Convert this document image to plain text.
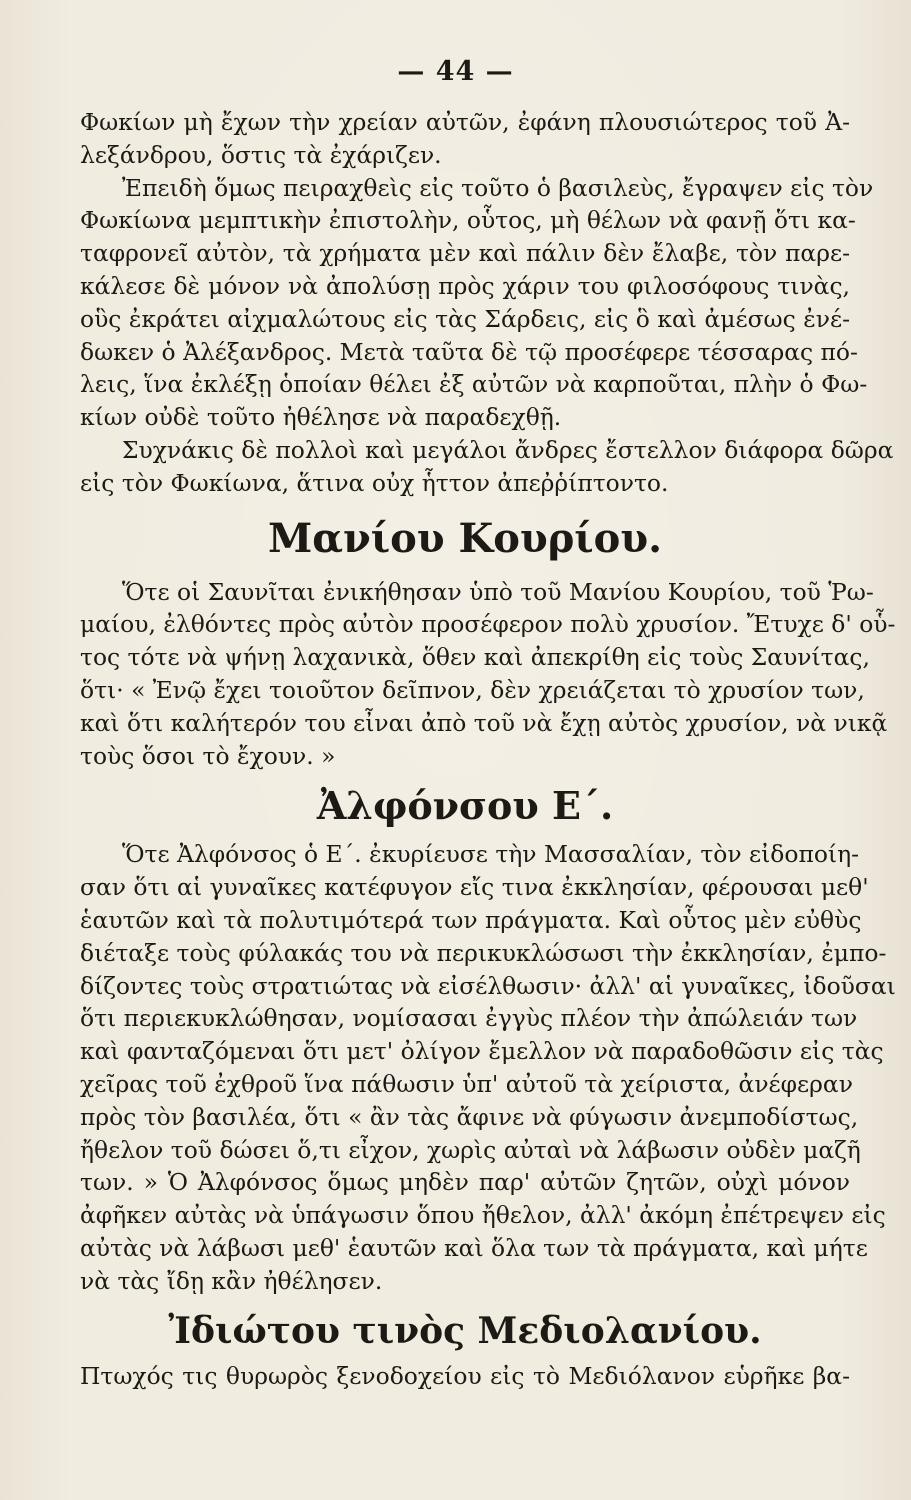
— 44 —
Φωκίων μὴ ἔχων τὴν χρείαν αὐτῶν, ἐφάνη πλουσιώτερος τοῦ Ἀ-
λεξάνδρου, ὅστις τὰ ἐχάριζεν.
Ἐπειδὴ ὅμως πειραχθεὶς εἰς τοῦτο ὁ βασιλεὺς, ἔγραψεν εἰς τὸν
Φωκίωνα μεμπτικὴν ἐπιστολὴν, οὗτος, μὴ θέλων νὰ φανῇ ὅτι κα-
ταφρονεῖ αὐτὸν, τὰ χρήματα μὲν καὶ πάλιν δὲν ἔλαβε, τὸν παρε-
κάλεσε δὲ μόνον νὰ ἀπολύσῃ πρὸς χάριν του φιλοσόφους τινὰς,
οὓς ἐκράτει αἰχμαλώτους εἰς τὰς Σάρδεις, εἰς ὃ καὶ ἀμέσως ἐνέ-
δωκεν ὁ Ἀλέξανδρος. Μετὰ ταῦτα δὲ τῷ προσέφερε τέσσαρας πό-
λεις, ἵνα ἐκλέξῃ ὁποίαν θέλει ἐξ αὐτῶν νὰ καρποῦται, πλὴν ὁ Φω-
κίων οὐδὲ τοῦτο ἠθέλησε νὰ παραδεχθῇ.
Συχνάκις δὲ πολλοὶ καὶ μεγάλοι ἄνδρες ἔστελλον διάφορα δῶρα
εἰς τὸν Φωκίωνα, ἅτινα οὐχ ἧττον ἀπεῤῥίπτοντο.
Μανίου Κουρίου.
Ὅτε οἱ Σαυνῖται ἐνικήθησαν ὑπὸ τοῦ Μανίου Κουρίου, τοῦ Ῥω-
μαίου, ἐλθόντες πρὸς αὐτὸν προσέφερον πολὺ χρυσίον. Ἔτυχε δ' οὗ-
τος τότε νὰ ψήνῃ λαχανικὰ, ὅθεν καὶ ἀπεκρίθη εἰς τοὺς Σαυνίτας,
ὅτι· « Ἐνῷ ἔχει τοιοῦτον δεῖπνον, δὲν χρειάζεται τὸ χρυσίον των,
καὶ ὅτι καλήτερόν του εἶναι ἀπὸ τοῦ νὰ ἔχῃ αὐτὸς χρυσίον, νὰ νικᾷ
τοὺς ὅσοι τὸ ἔχουν. »
Ἀλφόνσου Ε΄.
Ὅτε Ἀλφόνσος ὁ Ε΄. ἐκυρίευσε τὴν Μασσαλίαν, τὸν εἰδοποίη-
σαν ὅτι αἱ γυναῖκες κατέφυγον εἴς τινα ἐκκλησίαν, φέρουσαι μεθ'
ἑαυτῶν καὶ τὰ πολυτιμότερά των πράγματα. Καὶ οὗτος μὲν εὐθὺς
διέταξε τοὺς φύλακάς του νὰ περικυκλώσωσι τὴν ἐκκλησίαν, ἐμπο-
δίζοντες τοὺς στρατιώτας νὰ εἰσέλθωσιν· ἀλλ' αἱ γυναῖκες, ἰδοῦσαι
ὅτι περιεκυκλώθησαν, νομίσασαι ἐγγὺς πλέον τὴν ἀπώλειάν των
καὶ φανταζόμεναι ὅτι μετ' ὀλίγον ἔμελλον νὰ παραδοθῶσιν εἰς τὰς
χεῖρας τοῦ ἐχθροῦ ἵνα πάθωσιν ὑπ' αὐτοῦ τὰ χείριστα, ἀνέφεραν
πρὸς τὸν βασιλέα, ὅτι « ἂν τὰς ἄφινε νὰ φύγωσιν ἀνεμποδίστως,
ἤθελον τοῦ δώσει ὅ,τι εἶχον, χωρὶς αὐταὶ νὰ λάβωσιν οὐδὲν μαζῆ
των. » Ὁ Ἀλφόνσος ὅμως μηδὲν παρ' αὐτῶν ζητῶν, οὐχὶ μόνον
ἀφῆκεν αὐτὰς νὰ ὑπάγωσιν ὅπου ἤθελον, ἀλλ' ἀκόμη ἐπέτρεψεν εἰς
αὐτὰς νὰ λάβωσι μεθ' ἑαυτῶν καὶ ὅλα των τὰ πράγματα, καὶ μήτε
νὰ τὰς ἴδῃ κἂν ἠθέλησεν.
Ἰδιώτου τινὸς Μεδιολανίου.
Πτωχός τις θυρωρὸς ξενοδοχείου εἰς τὸ Μεδιόλανον εὑρῆκε βα-
